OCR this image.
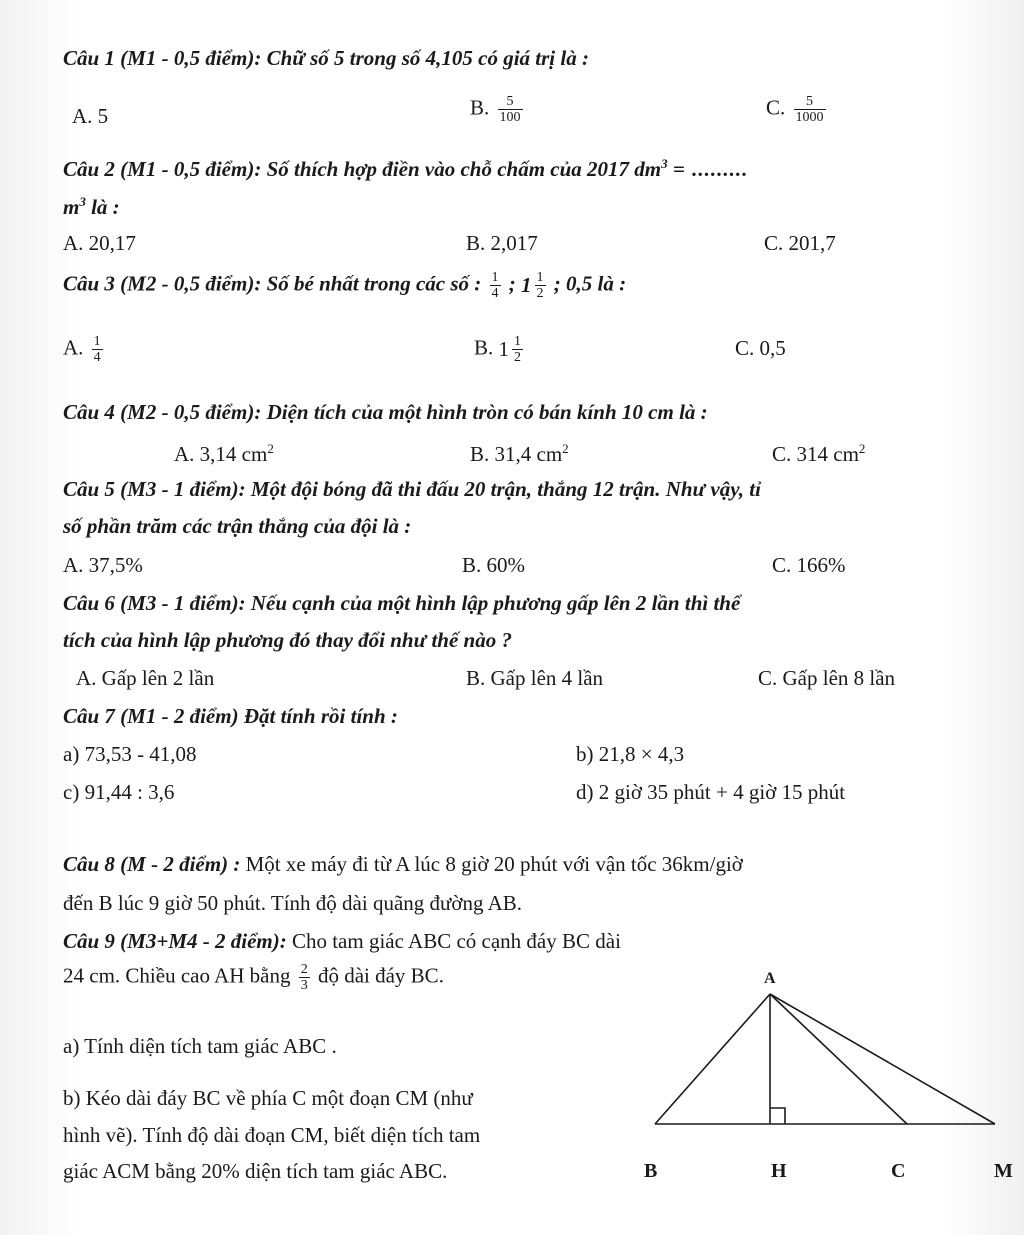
Câu 1 (M1 - 0,5 điểm): Chữ số 5 trong số 4,105 có giá trị là :
A. 5	B. $\frac{5}{100}$	C. $\frac{5}{1000}$
Câu 2 (M1 - 0,5 điểm): Số thích hợp điền vào chỗ chấm của 2017 $dm^3$ = .........
$m^3$ là :
A. 20,17	B. 2,017	C. 201,7
Câu 3 (M2 - 0,5 điểm): Số bé nhất trong các số : $\frac{1}{4}$ ; $1 \frac{1}{2}$ ; 0,5 là :
A. $\frac{1}{4}$	B. $1 \frac{1}{2}$	C. 0,5
Câu 4 (M2 - 0,5 điểm): Diện tích của một hình tròn có bán kính 10 cm là :
A. 3,14 $cm^2$	B. 31,4 $cm^2$	C. 314 $cm^2$
Câu 5 (M3 - 1 điểm): Một đội bóng đã thi đấu 20 trận, thắng 12 trận. Như vậy, tỉ
số phần trăm các trận thắng của đội là :
A. 37,5%	B. 60%	C. 166%
Câu 6 (M3 - 1 điểm): Nếu cạnh của một hình lập phương gấp lên 2 lần thì thể
tích của hình lập phương đó thay đổi như thế nào ?
A. Gấp lên 2 lần	B. Gấp lên 4 lần	C. Gấp lên 8 lần
Câu 7 (M1 - 2 điểm) Đặt tính rồi tính :
a) 73,53 - 41,08	b) 21,8 × 4,3
c) 91,44 : 3,6	d) 2 giờ 35 phút + 4 giờ 15 phút
Câu 8 (M - 2 điểm) : Một xe máy đi từ A lúc 8 giờ 20 phút với vận tốc 36km/giờ
đến B lúc 9 giờ 50 phút. Tính độ dài quãng đường AB.
Câu 9 (M3+M4 - 2 điểm): Cho tam giác ABC có cạnh đáy BC dài
24 cm. Chiều cao AH bằng $\frac{2}{3}$ độ dài đáy BC.
a) Tính diện tích tam giác ABC .
b) Kéo dài đáy BC về phía C một đoạn CM (như
hình vẽ). Tính độ dài đoạn CM, biết diện tích tam
giác ACM bằng 20% diện tích tam giác ABC.
A
B	H	C	M
